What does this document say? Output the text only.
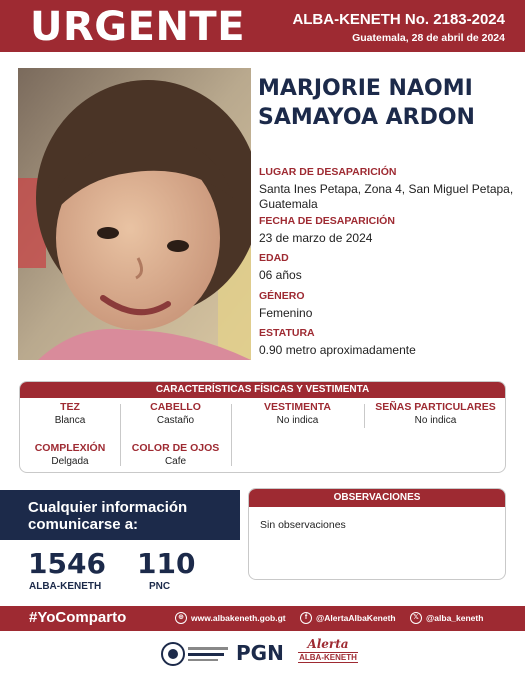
URGENTE	ALBA-KENETH No. 2183-2024
Guatemala, 28 de abril de 2024
MARJORIE NAOMI
SAMAYOA ARDON
LUGAR DE DESAPARICIÓN
Santa Ines Petapa, Zona 4, San Miguel Petapa, Guatemala
FECHA DE DESAPARICIÓN
23 de marzo de 2024
EDAD
06 años
GÉNERO
Femenino
ESTATURA
0.90 metro aproximadamente
CARACTERÍSTICAS FÍSICAS Y VESTIMENTA
TEZ
Blanca
CABELLO
Castaño
VESTIMENTA
No indica
SEÑAS PARTICULARES
No indica
COMPLEXIÓN
Delgada
COLOR DE OJOS
Cafe
Cualquier información
comunicarse a:
1546
ALBA-KENETH
110
PNC
OBSERVACIONES
Sin observaciones
#YoComparto	⊕ www.albakeneth.gob.gt	f	@AlertaAlbaKeneth	𝕏 @alba_keneth
PGN	Alerta
ALBA-KENETH
